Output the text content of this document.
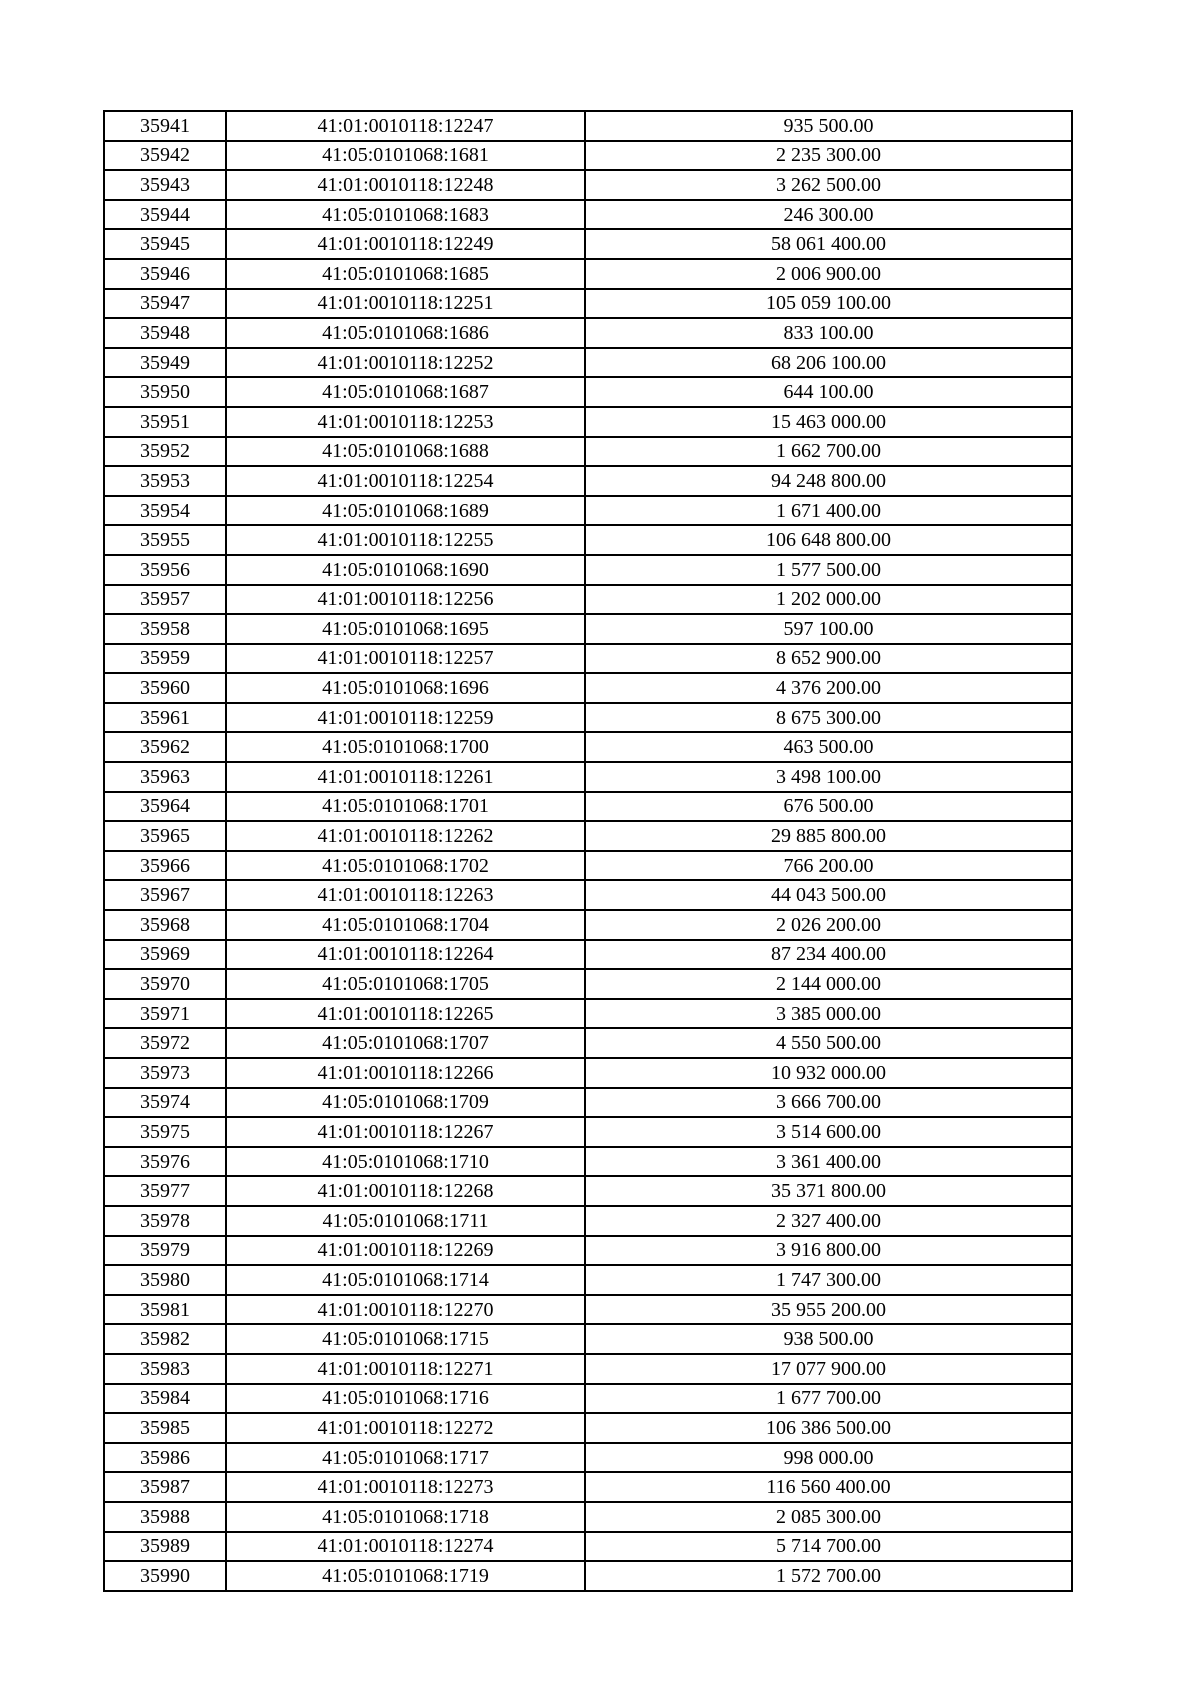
35941	41:01:0010118:12247	935 500.00
35942	41:05:0101068:1681	2 235 300.00
35943	41:01:0010118:12248	3 262 500.00
35944	41:05:0101068:1683	246 300.00
35945	41:01:0010118:12249	58 061 400.00
35946	41:05:0101068:1685	2 006 900.00
35947	41:01:0010118:12251	105 059 100.00
35948	41:05:0101068:1686	833 100.00
35949	41:01:0010118:12252	68 206 100.00
35950	41:05:0101068:1687	644 100.00
35951	41:01:0010118:12253	15 463 000.00
35952	41:05:0101068:1688	1 662 700.00
35953	41:01:0010118:12254	94 248 800.00
35954	41:05:0101068:1689	1 671 400.00
35955	41:01:0010118:12255	106 648 800.00
35956	41:05:0101068:1690	1 577 500.00
35957	41:01:0010118:12256	1 202 000.00
35958	41:05:0101068:1695	597 100.00
35959	41:01:0010118:12257	8 652 900.00
35960	41:05:0101068:1696	4 376 200.00
35961	41:01:0010118:12259	8 675 300.00
35962	41:05:0101068:1700	463 500.00
35963	41:01:0010118:12261	3 498 100.00
35964	41:05:0101068:1701	676 500.00
35965	41:01:0010118:12262	29 885 800.00
35966	41:05:0101068:1702	766 200.00
35967	41:01:0010118:12263	44 043 500.00
35968	41:05:0101068:1704	2 026 200.00
35969	41:01:0010118:12264	87 234 400.00
35970	41:05:0101068:1705	2 144 000.00
35971	41:01:0010118:12265	3 385 000.00
35972	41:05:0101068:1707	4 550 500.00
35973	41:01:0010118:12266	10 932 000.00
35974	41:05:0101068:1709	3 666 700.00
35975	41:01:0010118:12267	3 514 600.00
35976	41:05:0101068:1710	3 361 400.00
35977	41:01:0010118:12268	35 371 800.00
35978	41:05:0101068:1711	2 327 400.00
35979	41:01:0010118:12269	3 916 800.00
35980	41:05:0101068:1714	1 747 300.00
35981	41:01:0010118:12270	35 955 200.00
35982	41:05:0101068:1715	938 500.00
35983	41:01:0010118:12271	17 077 900.00
35984	41:05:0101068:1716	1 677 700.00
35985	41:01:0010118:12272	106 386 500.00
35986	41:05:0101068:1717	998 000.00
35987	41:01:0010118:12273	116 560 400.00
35988	41:05:0101068:1718	2 085 300.00
35989	41:01:0010118:12274	5 714 700.00
35990	41:05:0101068:1719	1 572 700.00
